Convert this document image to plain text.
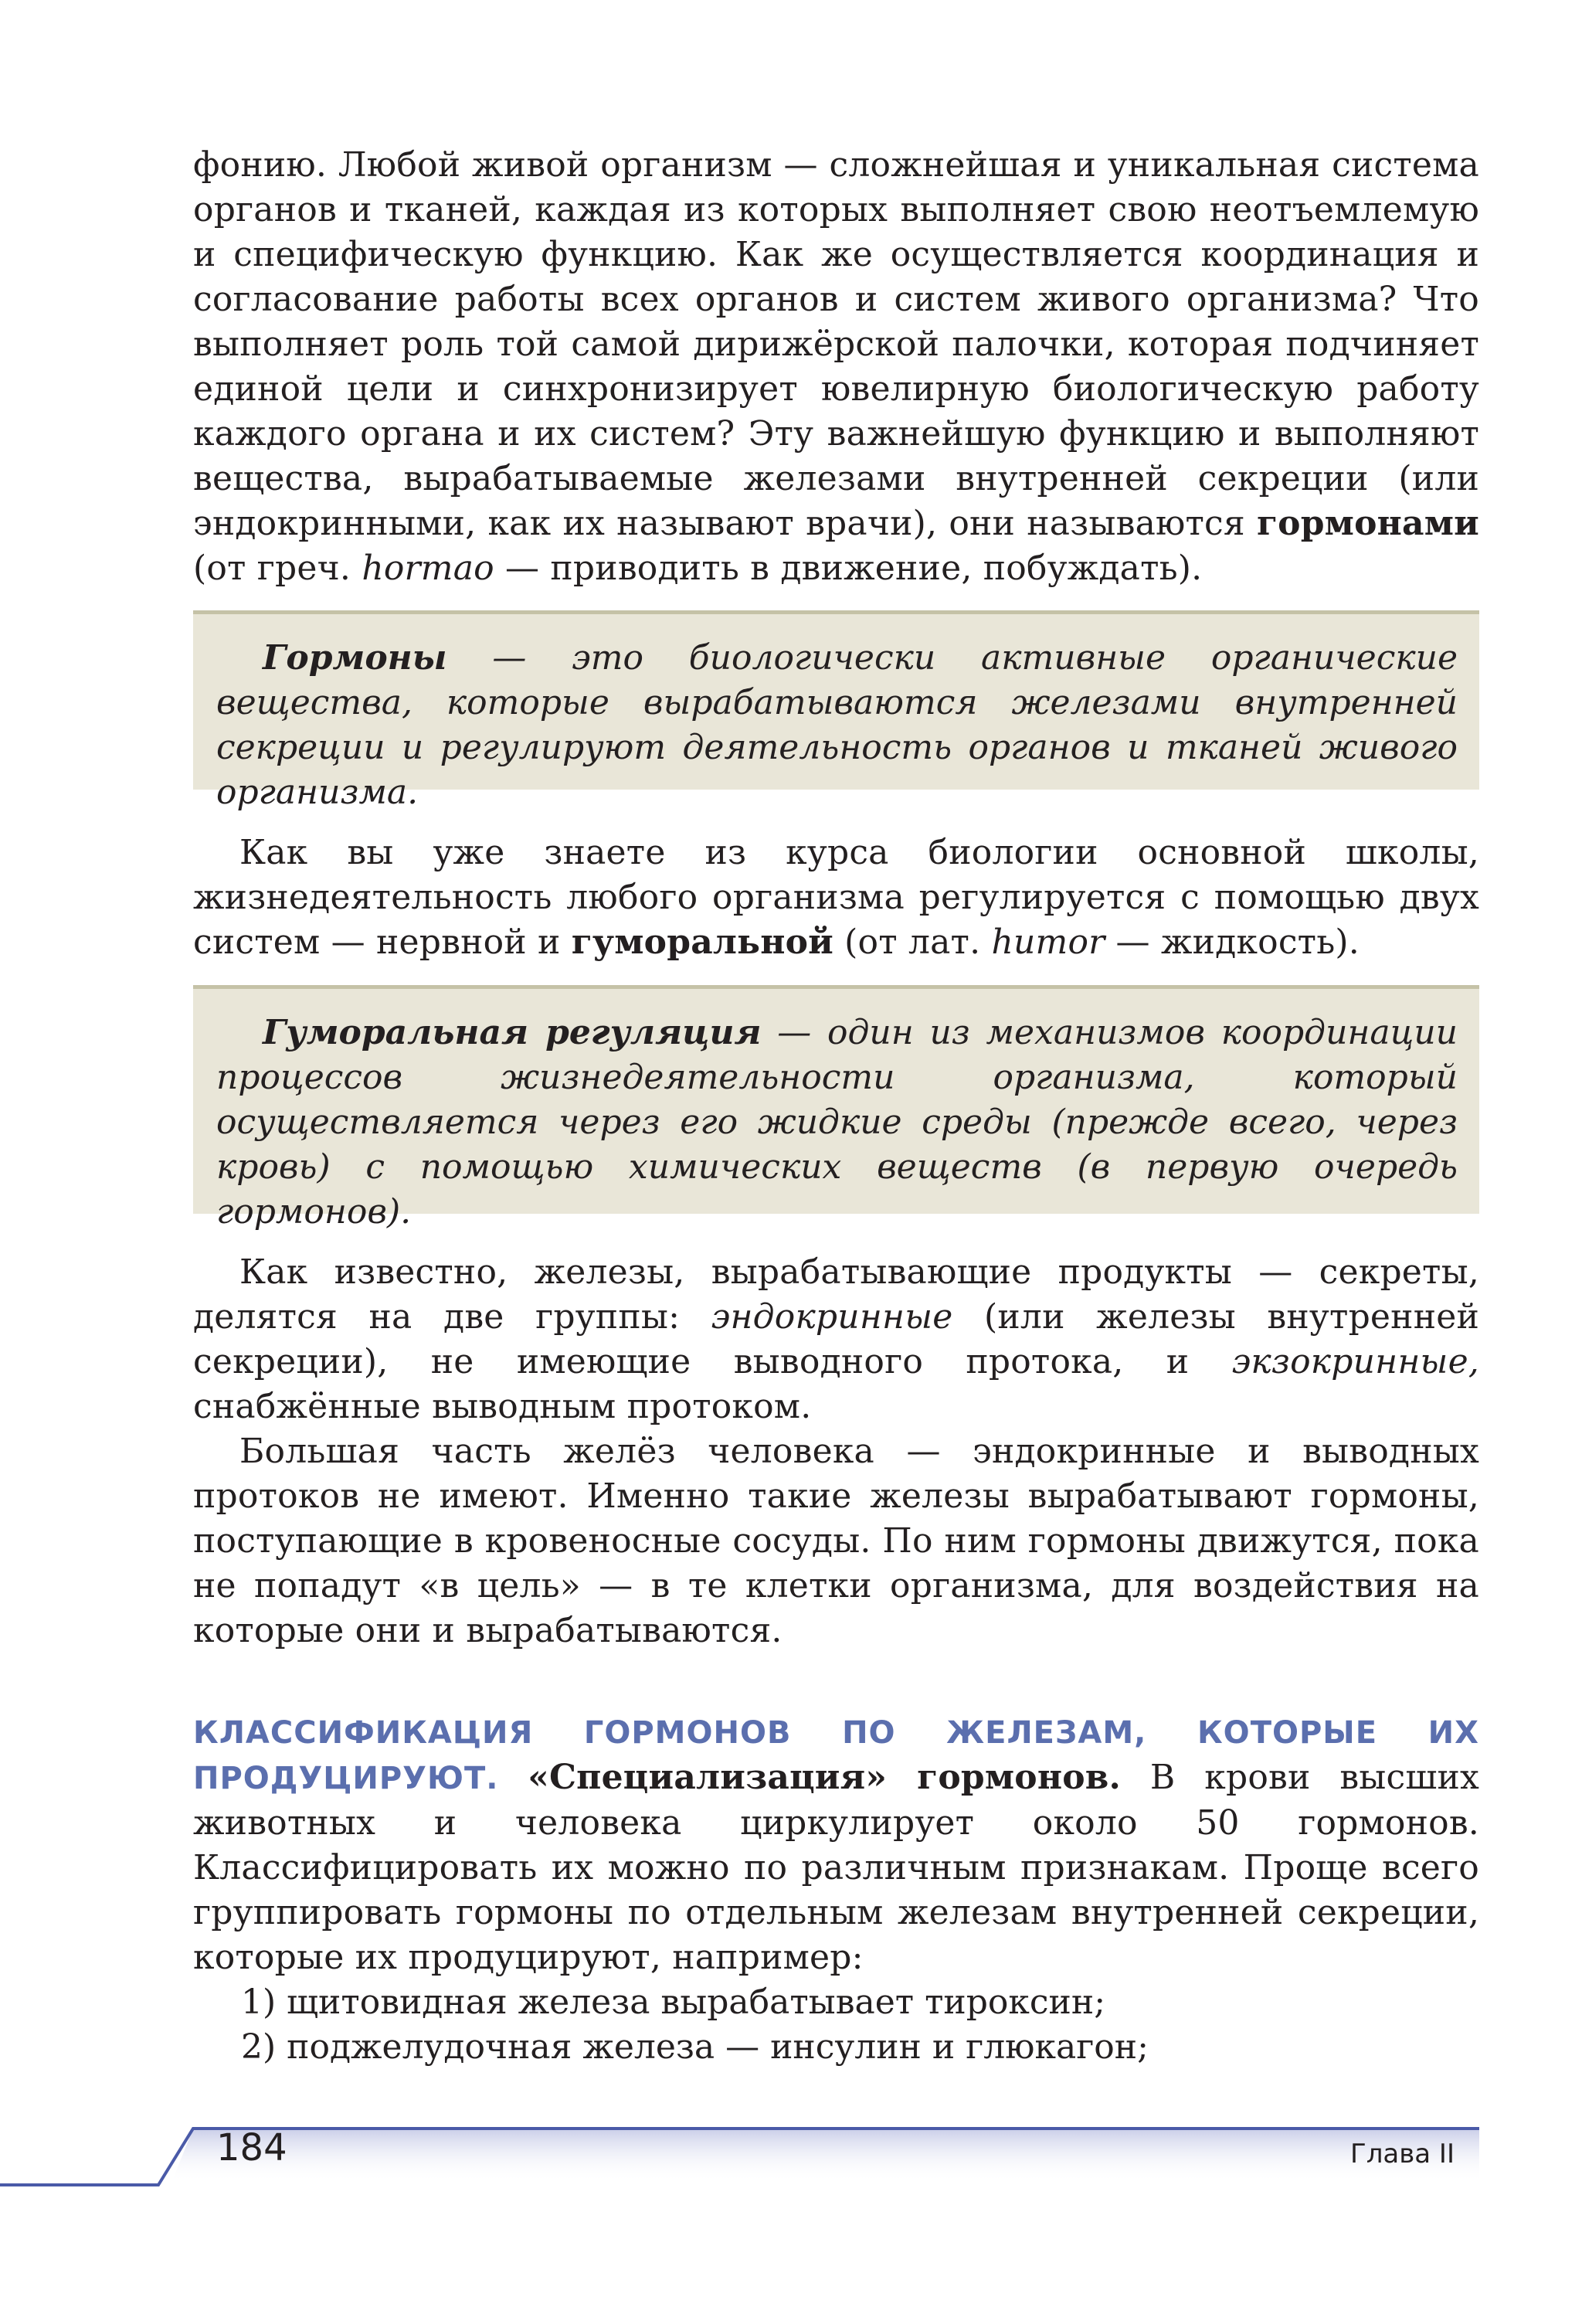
фонию. Любой живой организм — сложнейшая и уникальная система органов и тканей, каждая из которых выполняет свою неотъемлемую и специфическую функцию. Как же осуществляется координация и согласование работы всех органов и систем живого организма? Что выполняет роль той самой дирижёрской палочки, которая подчиняет единой цели и синхронизирует ювелирную биологическую работу каждого органа и их систем? Эту важнейшую функцию и выполняют вещества, вырабатываемые железами внутренней секреции (или эндокринными, как их называют врачи), они называются гормонами (от греч. hormao — приводить в движение, побуждать).

Гормоны — это биологически активные органические вещества, которые вырабатываются железами внутренней секреции и регулируют деятельность органов и тканей живого организма.

Как вы уже знаете из курса биологии основной школы, жизнедеятельность любого организма регулируется с помощью двух систем — нервной и гуморальной (от лат. humor — жидкость).

Гуморальная регуляция — один из механизмов координации процессов жизнедеятельности организма, который осуществляется через его жидкие среды (прежде всего, через кровь) с помощью химических веществ (в первую очередь гормонов).

Как известно, железы, вырабатывающие продукты — секреты, делятся на две группы: эндокринные (или железы внутренней секреции), не имеющие выводного протока, и экзокринные, снабжённые выводным протоком.

Большая часть желёз человека — эндокринные и выводных протоков не имеют. Именно такие железы вырабатывают гормоны, поступающие в кровеносные сосуды. По ним гормоны движутся, пока не попадут «в цель» — в те клетки организма, для воздействия на которые они и вырабатываются.

КЛАССИФИКАЦИЯ ГОРМОНОВ ПО ЖЕЛЕЗАМ, КОТОРЫЕ ИХ ПРОДУЦИРУЮТ. «Специализация» гормонов. В крови высших животных и человека циркулирует около 50 гормонов. Классифицировать их можно по различным признакам. Проще всего группировать гормоны по отдельным железам внутренней секреции, которые их продуцируют, например:

1) щитовидная железа вырабатывает тироксин;

2) поджелудочная железа — инсулин и глюкагон;

184	Глава II
